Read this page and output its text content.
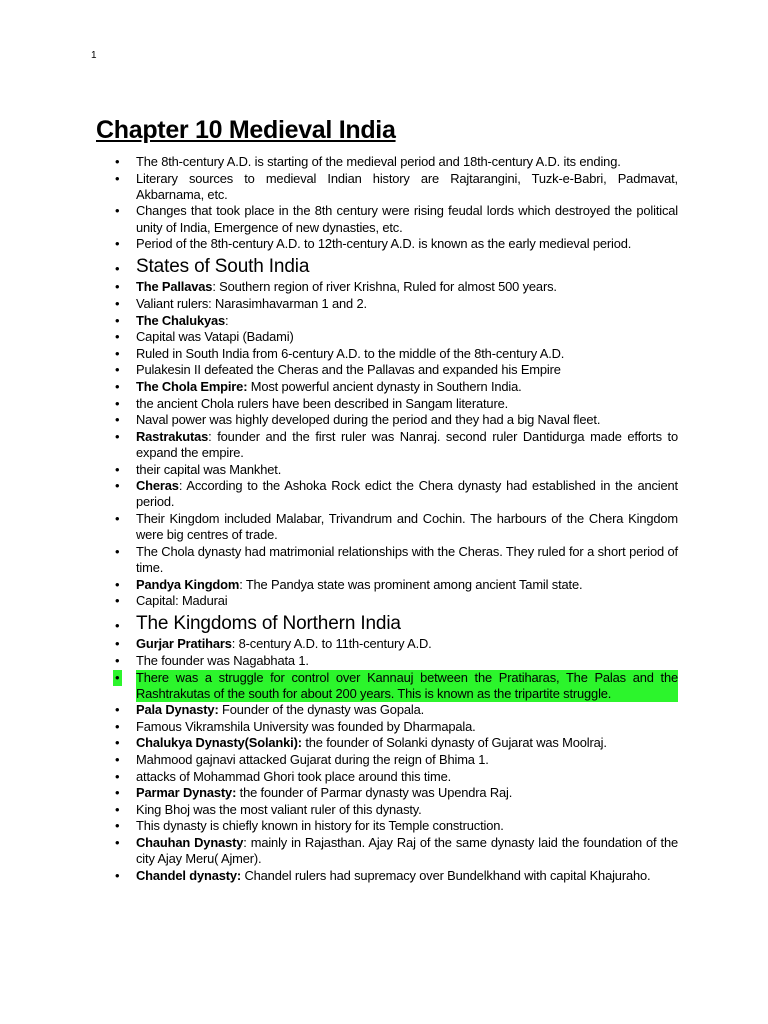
1
Chapter 10 Medieval India
• The 8th-century A.D. is starting of the medieval period and 18th-century A.D. its ending.
• Literary sources to medieval Indian history are Rajtarangini, Tuzk-e-Babri, Padmavat, Akbarnama, etc.
• Changes that took place in the 8th century were rising feudal lords which destroyed the political unity of India, Emergence of new dynasties, etc.
• Period of the 8th-century A.D. to 12th-century A.D. is known as the early medieval period.
• States of South India
• The Pallavas: Southern region of river Krishna, Ruled for almost 500 years.
• Valiant rulers: Narasimhavarman 1 and 2.
• The Chalukyas:
• Capital was Vatapi (Badami)
• Ruled in South India from 6-century A.D. to the middle of the 8th-century A.D.
• Pulakesin II defeated the Cheras and the Pallavas and expanded his Empire
• The Chola Empire: Most powerful ancient dynasty in Southern India.
• the ancient Chola rulers have been described in Sangam literature.
• Naval power was highly developed during the period and they had a big Naval fleet.
• Rastrakutas: founder and the first ruler was Nanraj. second ruler Dantidurga made efforts to expand the empire.
• their capital was Mankhet.
• Cheras: According to the Ashoka Rock edict the Chera dynasty had established in the ancient period.
• Their Kingdom included Malabar, Trivandrum and Cochin. The harbours of the Chera Kingdom were big centres of trade.
• The Chola dynasty had matrimonial relationships with the Cheras. They ruled for a short period of time.
• Pandya Kingdom: The Pandya state was prominent among ancient Tamil state.
• Capital: Madurai
• The Kingdoms of Northern India
• Gurjar Pratihars: 8-century A.D. to 11th-century A.D.
• The founder was Nagabhata 1.
• There was a struggle for control over Kannauj between the Pratiharas, The Palas and the Rashtrakutas of the south for about 200 years. This is known as the tripartite struggle.
• Pala Dynasty: Founder of the dynasty was Gopala.
• Famous Vikramshila University was founded by Dharmapala.
• Chalukya Dynasty(Solanki): the founder of Solanki dynasty of Gujarat was Moolraj.
• Mahmood gajnavi attacked Gujarat during the reign of Bhima 1.
• attacks of Mohammad Ghori took place around this time.
• Parmar Dynasty: the founder of Parmar dynasty was Upendra Raj.
• King Bhoj was the most valiant ruler of this dynasty.
• This dynasty is chiefly known in history for its Temple construction.
• Chauhan Dynasty: mainly in Rajasthan. Ajay Raj of the same dynasty laid the foundation of the city Ajay Meru( Ajmer).
• Chandel dynasty: Chandel rulers had supremacy over Bundelkhand with capital Khajuraho.
